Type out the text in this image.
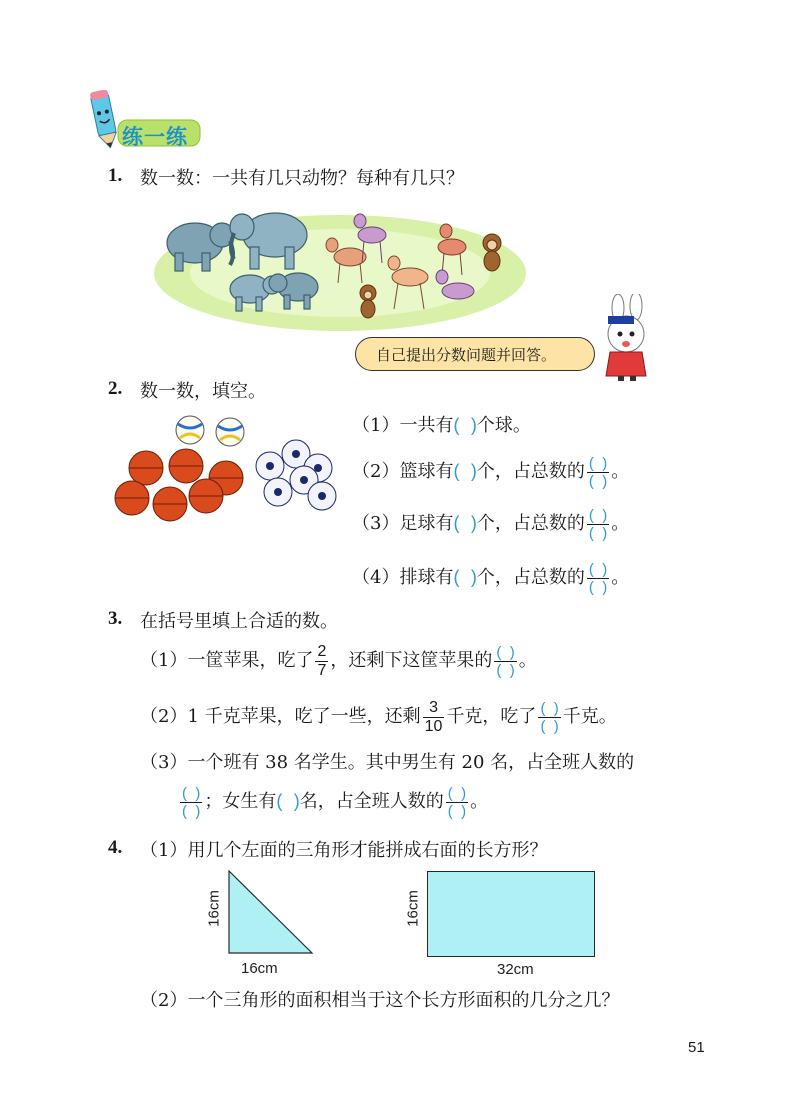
练一练
1. 数一数：一共有几只动物？每种有几只？
自己提出分数问题并回答。
2. 数一数，填空。
（1）一共有( )个球。
（2）篮球有( )个，占总数的 $\frac{( )}{( )}$ 。
（3）足球有( )个，占总数的 $\frac{( )}{( )}$ 。
（4）排球有( )个，占总数的 $\frac{( )}{( )}$ 。
3. 在括号里填上合适的数。
（1）一筐苹果，吃了 $\frac{2}{7}$ ，还剩下这筐苹果的 $\frac{( )}{( )}$ 。
（2）1 千克苹果，吃了一些，还剩 $\frac{3}{10}$ 千克，吃了 $\frac{( )}{( )}$ 千克。
（3）一个班有 38 名学生。其中男生有 20 名，占全班人数的
$\frac{( )}{( )}$ ；女生有( )名，占全班人数的 $\frac{( )}{( )}$ 。
4. （1）用几个左面的三角形才能拼成右面的长方形？
16cm
16cm
16cm
32cm
（2）一个三角形的面积相当于这个长方形面积的几分之几？
51
